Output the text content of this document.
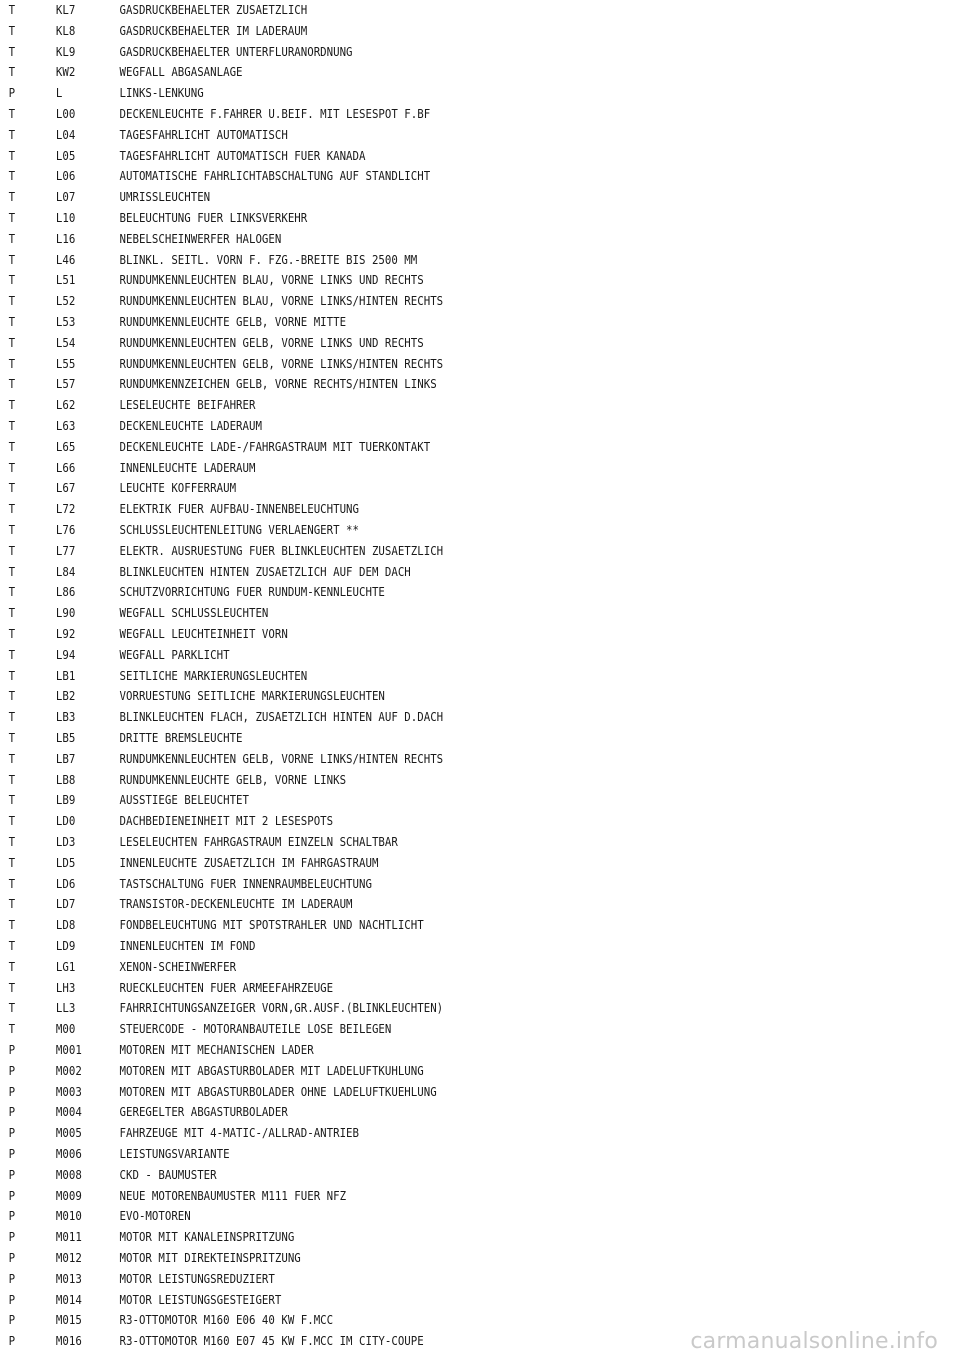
T	KL7	GASDRUCKBEHAELTER ZUSAETZLICH
T	KL8	GASDRUCKBEHAELTER IM LADERAUM
T	KL9	GASDRUCKBEHAELTER UNTERFLURANORDNUNG
T	KW2	WEGFALL ABGASANLAGE
P	L	LINKS-LENKUNG
T	L00	DECKENLEUCHTE F.FAHRER U.BEIF. MIT LESESPOT F.BF
T	L04	TAGESFAHRLICHT AUTOMATISCH
T	L05	TAGESFAHRLICHT AUTOMATISCH FUER KANADA
T	L06	AUTOMATISCHE FAHRLICHTABSCHALTUNG AUF STANDLICHT
T	L07	UMRISSLEUCHTEN
T	L10	BELEUCHTUNG FUER LINKSVERKEHR
T	L16	NEBELSCHEINWERFER HALOGEN
T	L46	BLINKL. SEITL. VORN F. FZG.-BREITE BIS 2500 MM
T	L51	RUNDUMKENNLEUCHTEN BLAU, VORNE LINKS UND RECHTS
T	L52	RUNDUMKENNLEUCHTEN BLAU, VORNE LINKS/HINTEN RECHTS
T	L53	RUNDUMKENNLEUCHTE GELB, VORNE MITTE
T	L54	RUNDUMKENNLEUCHTEN GELB, VORNE LINKS UND RECHTS
T	L55	RUNDUMKENNLEUCHTEN GELB, VORNE LINKS/HINTEN RECHTS
T	L57	RUNDUMKENNZEICHEN GELB, VORNE RECHTS/HINTEN LINKS
T	L62	LESELEUCHTE BEIFAHRER
T	L63	DECKENLEUCHTE LADERAUM
T	L65	DECKENLEUCHTE LADE-/FAHRGASTRAUM MIT TUERKONTAKT
T	L66	INNENLEUCHTE LADERAUM
T	L67	LEUCHTE KOFFERRAUM
T	L72	ELEKTRIK FUER AUFBAU-INNENBELEUCHTUNG
T	L76	SCHLUSSLEUCHTENLEITUNG VERLAENGERT **
T	L77	ELEKTR. AUSRUESTUNG FUER BLINKLEUCHTEN ZUSAETZLICH
T	L84	BLINKLEUCHTEN HINTEN ZUSAETZLICH AUF DEM DACH
T	L86	SCHUTZVORRICHTUNG FUER RUNDUM-KENNLEUCHTE
T	L90	WEGFALL SCHLUSSLEUCHTEN
T	L92	WEGFALL LEUCHTEINHEIT VORN
T	L94	WEGFALL PARKLICHT
T	LB1	SEITLICHE MARKIERUNGSLEUCHTEN
T	LB2	VORRUESTUNG SEITLICHE MARKIERUNGSLEUCHTEN
T	LB3	BLINKLEUCHTEN FLACH, ZUSAETZLICH HINTEN AUF D.DACH
T	LB5	DRITTE BREMSLEUCHTE
T	LB7	RUNDUMKENNLEUCHTEN GELB, VORNE LINKS/HINTEN RECHTS
T	LB8	RUNDUMKENNLEUCHTE GELB, VORNE LINKS
T	LB9	AUSSTIEGE BELEUCHTET
T	LD0	DACHBEDIENEINHEIT MIT 2 LESESPOTS
T	LD3	LESELEUCHTEN FAHRGASTRAUM EINZELN SCHALTBAR
T	LD5	INNENLEUCHTE ZUSAETZLICH IM FAHRGASTRAUM
T	LD6	TASTSCHALTUNG FUER INNENRAUMBELEUCHTUNG
T	LD7	TRANSISTOR-DECKENLEUCHTE IM LADERAUM
T	LD8	FONDBELEUCHTUNG MIT SPOTSTRAHLER UND NACHTLICHT
T	LD9	INNENLEUCHTEN IM FOND
T	LG1	XENON-SCHEINWERFER
T	LH3	RUECKLEUCHTEN FUER ARMEEFAHRZEUGE
T	LL3	FAHRRICHTUNGSANZEIGER VORN,GR.AUSF.(BLINKLEUCHTEN)
T	M00	STEUERCODE - MOTORANBAUTEILE LOSE BEILEGEN
P	M001	MOTOREN MIT MECHANISCHEN LADER
P	M002	MOTOREN MIT ABGASTURBOLADER MIT LADELUFTKUHLUNG
P	M003	MOTOREN MIT ABGASTURBOLADER OHNE LADELUFTKUEHLUNG
P	M004	GEREGELTER ABGASTURBOLADER
P	M005	FAHRZEUGE MIT 4-MATIC-/ALLRAD-ANTRIEB
P	M006	LEISTUNGSVARIANTE
P	M008	CKD - BAUMUSTER
P	M009	NEUE MOTORENBAUMUSTER M111 FUER NFZ
P	M010	EVO-MOTOREN
P	M011	MOTOR MIT KANALEINSPRITZUNG
P	M012	MOTOR MIT DIREKTEINSPRITZUNG
P	M013	MOTOR LEISTUNGSREDUZIERT
P	M014	MOTOR LEISTUNGSGESTEIGERT
P	M015	R3-OTTOMOTOR M160 E06 40 KW F.MCC
P	M016	R3-OTTOMOTOR M160 E07 45 KW F.MCC IM CITY-COUPE	carmanualsonline.info
